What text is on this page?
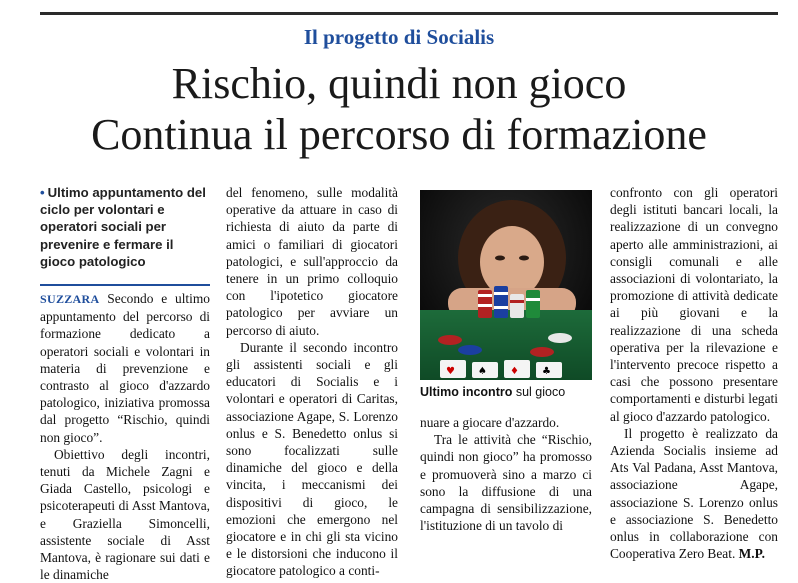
Il progetto di Socialis
Rischio, quindi non gioco
Continua il percorso di formazione
• Ultimo appuntamento del ciclo per volontari e operatori sociali per prevenire e fermare il gioco patologico

SUZZARA Secondo e ultimo appuntamento del percorso di formazione dedicato a operatori sociali e volontari in materia di prevenzione e contrasto al gioco d'azzardo patologico, iniziativa promossa dal progetto “Rischio, quindi non gioco”.

Obiettivo degli incontri, tenuti da Michele Zagni e Giada Castello, psicologi e psicoterapeuti di Asst Mantova, e Graziella Simoncelli, assistente sociale di Asst Mantova, è ragionare sui dati e le dinamiche

del fenomeno, sulle modalità operative da attuare in caso di richiesta di aiuto da parte di amici o familiari di giocatori patologici, e sull'approccio da tenere in un primo colloquio con l'ipotetico giocatore patologico per avviare un percorso di aiuto.

Durante il secondo incontro gli assistenti sociali e gli educatori di Socialis e i volontari e operatori di Caritas, associazione Agape, S. Lorenzo onlus e S. Benedetto onlus si sono focalizzati sulle dinamiche del gioco e della vincita, i meccanismi dei dispositivi di gioco, le emozioni che emergono nel giocatore e in chi gli sta vicino e le distorsioni che inducono il giocatore patologico a conti-

♥ ♠ ♦ ♣
Ultimo incontro sul gioco

nuare a giocare d'azzardo.

Tra le attività che “Rischio, quindi non gioco” ha promosso e promuoverà sino a marzo ci sono la diffusione di una campagna di sensibilizzazione, l'istituzione di un tavolo di

confronto con gli operatori degli istituti bancari locali, la realizzazione di un convegno aperto alle amministrazioni, ai consigli comunali e alle associazioni di volontariato, la promozione di attività dedicate ai più giovani e la realizzazione di una scheda operativa per la rilevazione e l'intervento precoce rispetto a casi che possono presentare comportamenti e disturbi legati al gioco d'azzardo patologico.

Il progetto è realizzato da Azienda Socialis insieme ad Ats Val Padana, Asst Mantova, associazione Agape, associazione S. Lorenzo onlus e associazione S. Benedetto onlus in collaborazione con Cooperativa Zero Beat. M.P.
